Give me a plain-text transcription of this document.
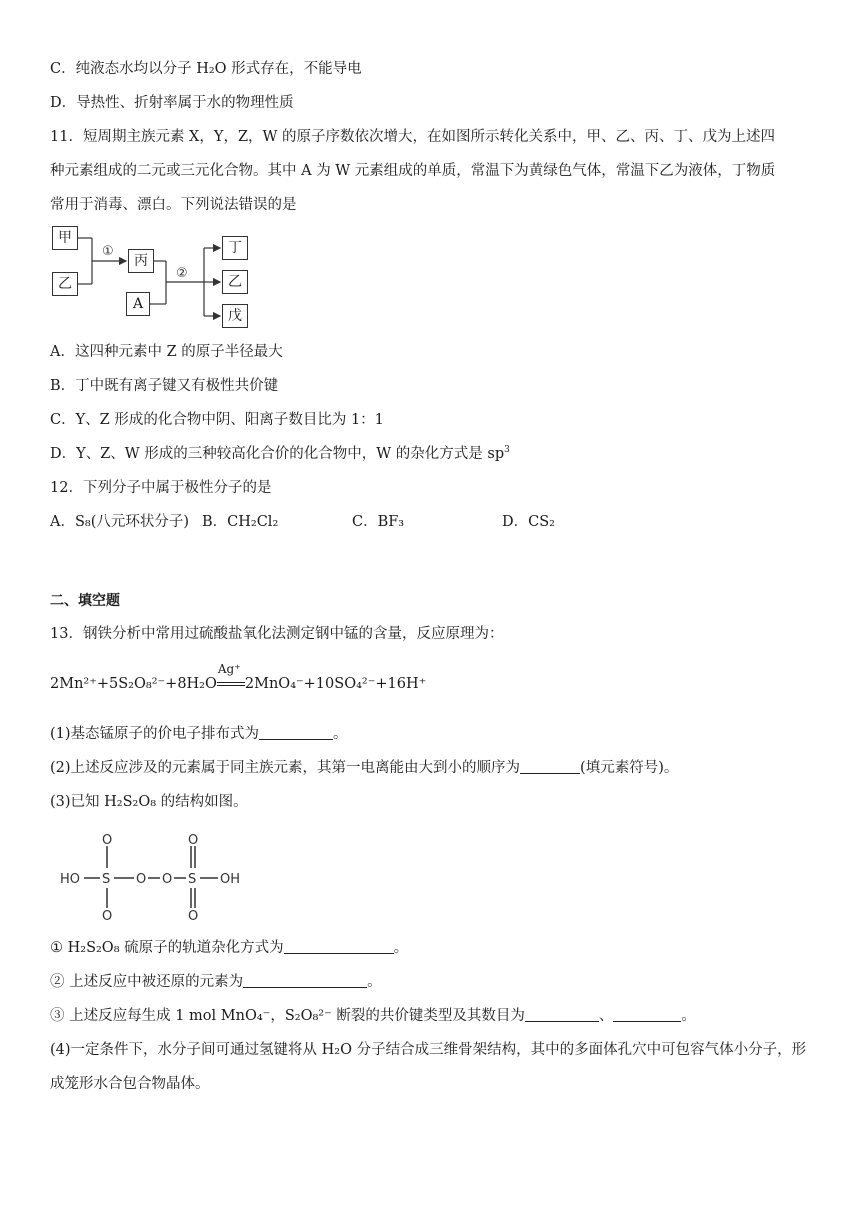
C．纯液态水均以分子 H₂O 形式存在，不能导电
D．导热性、折射率属于水的物理性质
11．短周期主族元素 X，Y，Z，W 的原子序数依次增大，在如图所示转化关系中，甲、乙、丙、丁、戊为上述四
种元素组成的二元或三元化合物。其中 A 为 W 元素组成的单质，常温下为黄绿色气体，常温下乙为液体，丁物质
常用于消毒、漂白。下列说法错误的是
①
②
甲
乙
丙
A
丁
乙
戊
A．这四种元素中 Z 的原子半径最大
B．丁中既有离子键又有极性共价键
C．Y、Z 形成的化合物中阴、阳离子数目比为 1：1
D．Y、Z、W 形成的三种较高化合价的化合物中，W 的杂化方式是 $sp^3$
12．下列分子中属于极性分子的是
A．S₈(八元环状分子) B．CH₂Cl₂	C．BF₃	D．CS₂
二、填空题
13．钢铁分析中常用过硫酸盐氧化法测定钢中锰的含量，反应原理为：
2Mn²⁺+5S₂O₈²⁻+8H₂O
Ag⁺
2MnO₄⁻+10SO₄²⁻+16H⁺
(1)基态锰原子的价电子排布式为	。
(2)上述反应涉及的元素属于同主族元素，其第一电离能由大到小的顺序为	(填元素符号)。
(3)已知 H₂S₂O₈ 的结构如图。
HO S O O S OH
O
O
O
O
① H₂S₂O₈ 硫原子的轨道杂化方式为	。
② 上述反应中被还原的元素为	。
③ 上述反应每生成 1 mol MnO₄⁻，S₂O₈²⁻ 断裂的共价键类型及其数目为	、	。
(4)一定条件下，水分子间可通过氢键将从 H₂O 分子结合成三维骨架结构，其中的多面体孔穴中可包容气体小分子，形成笼形水合包合物晶体。
